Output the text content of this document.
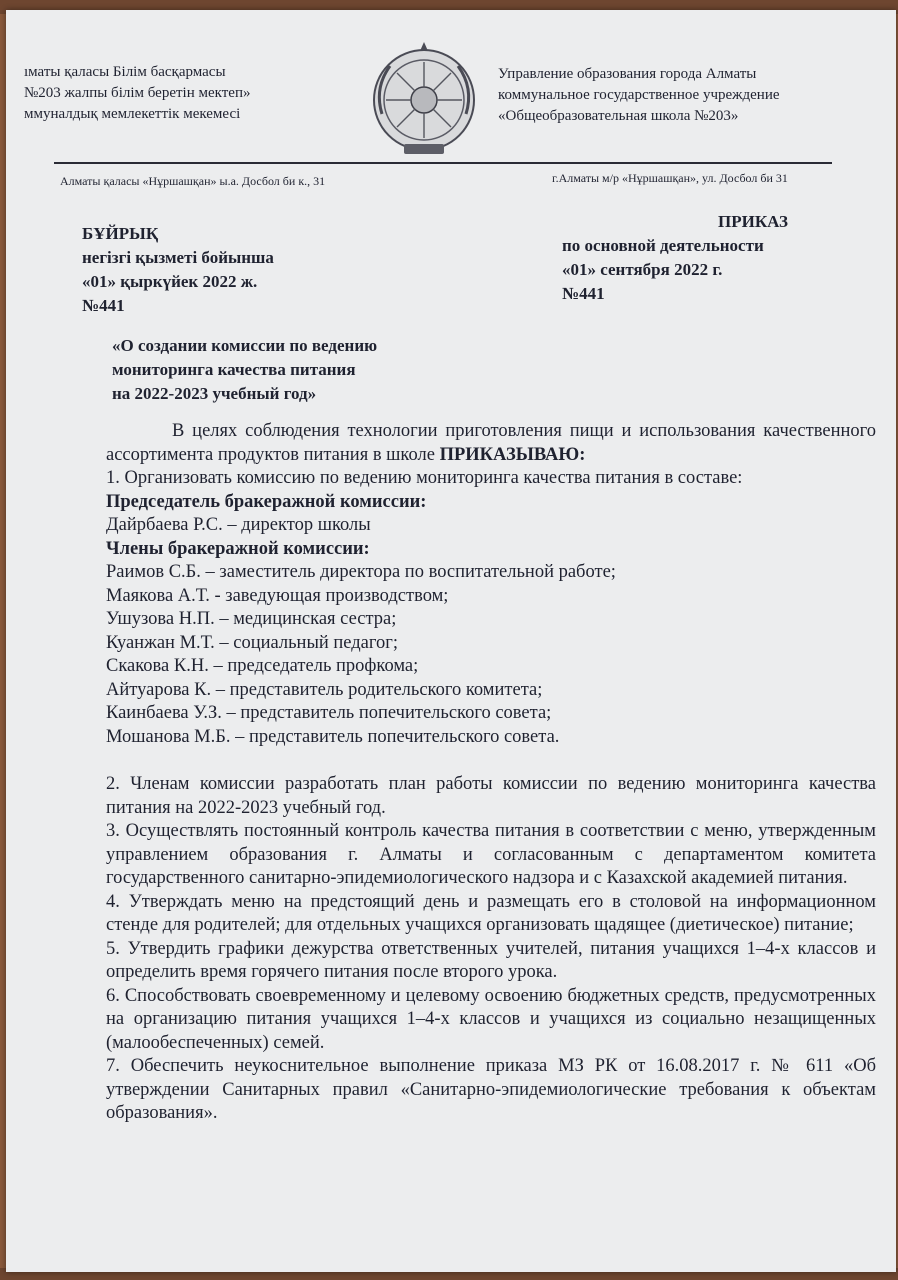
ıматы қаласы Білім басқармасы
№203 жалпы білім беретін мектеп»
ммуналдық мемлекеттік мекемесі
Управление образования города Алматы
коммунальное государственное учреждение
«Общеобразовательная школа №203»
Алматы қаласы «Нұршашқан» ы.а. Досбол би к., 31	г.Алматы м/р «Нұршашқан», ул. Досбол би 31
БҰЙРЫҚ
негізгі қызметі бойынша
«01» қыркүйек 2022 ж.
№441
ПРИКАЗ
по основной деятельности
«01» сентября 2022 г.
№441
«О создании комиссии по ведению
мониторинга качества питания
на 2022-2023 учебный год»

В целях соблюдения технологии приготовления пищи и использования качественного ассортимента продуктов питания в школе ПРИКАЗЫВАЮ:

1. Организовать комиссию по ведению мониторинга качества питания в составе:

Председатель бракеражной комиссии:

Дайрбаева Р.С. – директор школы

Члены бракеражной комиссии:

Раимов С.Б. – заместитель директора по воспитательной работе;

Маякова А.Т. - заведующая производством;

Ушузова Н.П. – медицинская сестра;

Куанжан М.Т. – социальный педагог;

Скакова К.Н. – председатель профкома;

Айтуарова К. – представитель родительского комитета;

Каинбаева У.З. – представитель попечительского совета;

Мошанова М.Б. – представитель попечительского совета.

2. Членам комиссии разработать план работы комиссии по ведению мониторинга качества питания на 2022-2023 учебный год.

3. Осуществлять постоянный контроль качества питания в соответствии с меню, утвержденным управлением образования г. Алматы и согласованным с департаментом комитета государственного санитарно-эпидемиологического надзора и с Казахской академией питания.

4. Утверждать меню на предстоящий день и размещать его в столовой на информационном стенде для родителей; для отдельных учащихся организовать щадящее (диетическое) питание;

5. Утвердить графики дежурства ответственных учителей, питания учащихся 1–4-х классов и определить время горячего питания после второго урока.

6. Способствовать своевременному и целевому освоению бюджетных средств, предусмотренных на организацию питания учащихся 1–4-х классов и учащихся из социально незащищенных (малообеспеченных) семей.

7. Обеспечить неукоснительное выполнение приказа МЗ РК от 16.08.2017 г. № 611 «Об утверждении Санитарных правил «Санитарно-эпидемиологические требования к объектам образования».
